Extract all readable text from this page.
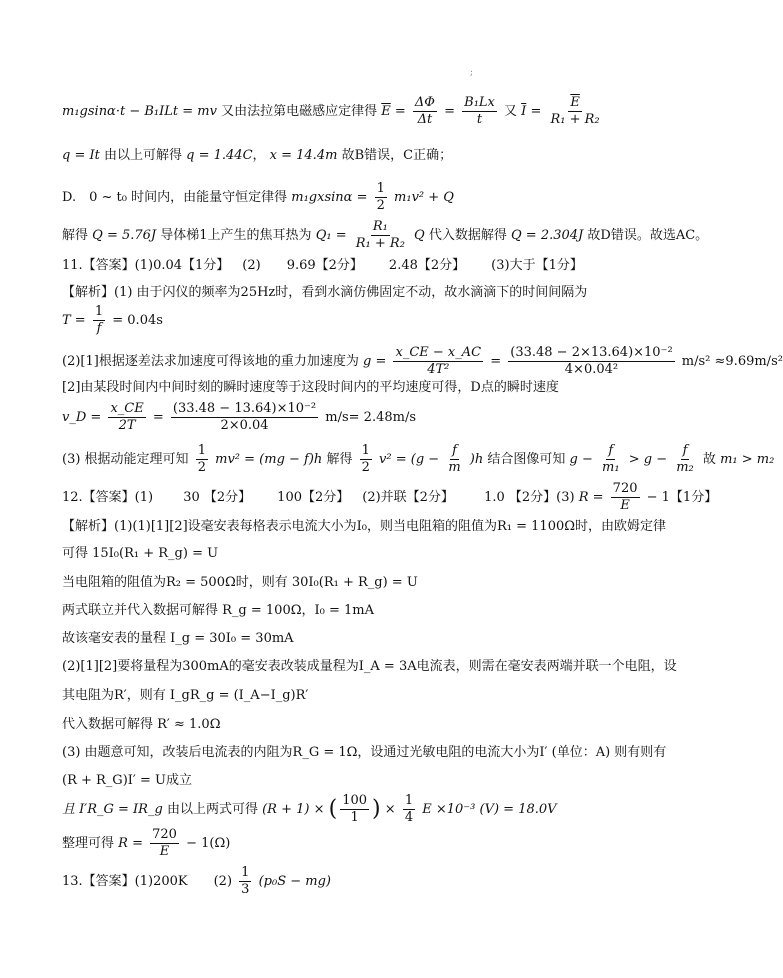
;
m₁gsinα·t − B₁ILt = mv 又由法拉第电磁感应定律得 $\overline{E} = \frac{\Delta\Phi}{\Delta t} = \frac{\text{B₁Lx}}{t}$ 又 $\overline{I} = \frac{\overline{E}}{\text{R₁ + R₂}}$
q = It 由以上可解得 q = 1.44C， x = 14.4m 故B错误，C正确；
D. 0 ~ t₀ 时间内，由能量守恒定律得 $m_1gxsin\alpha = \frac{1}{2} m_1v^2 + Q$
解得 Q = 5.76J 导体梯1上产生的焦耳热为 $Q_1 = \frac{\text{R₁}}{\text{R₁ + R₂}}$ Q 代入数据解得 Q = 2.304J 故D错误。故选AC。
11.【答案】(1)0.04【1分】 (2)  9.69【2分】  2.48【2分】  (3)大于【1分】
【解析】(1) 由于闪仪的频率为25Hz时，看到水滴仿佛固定不动，故水滴滴下的时间间隔为
$T = \frac{1}{f} = 0.04s$
(2)[1]根据逐差法求加速度可得该地的重力加速度为 $g = \frac{x\_CE - x\_AC}{\text{4T²}} = \frac{\text{(33.48 − 2×13.64)×10⁻²}}{\text{4×0.04²}} m/s^2 \approx 9.69m/s^2$
[2]由某段时间内中间时刻的瞬时速度等于这段时间内的平均速度可得，D点的瞬时速度
v_D = $\frac{x\_CE}{2T} = \frac{\text{(33.48 − 13.64)×10⁻²}}{2\times 0.04} m/s= 2.48m/s$
(3) 根据动能定理可知 $\frac{1}{2} mv^2 = (mg - f)h$ 解得 $\frac{1}{2} v^2 = (g - \frac{f}{m} )h$ 结合图像可知 $g - \frac{f}{\text{m₁}} > g - \frac{f}{\text{m₂}}$ 故 m₁ > m₂
12.【答案】(1)   30 【2分】  100【2分】 (2)并联【2分】   1.0 【2分】(3) $R = \frac{720}{E} - 1$【1分】
【解析】(1)(1)[1][2]设毫安表每格表示电流大小为I₀，则当电阻箱的阻值为R₁ = 1100Ω时，由欧姆定律
可得 15I₀(R₁ + R_g) = U
当电阻箱的阻值为R₂ = 500Ω时，则有 30I₀(R₁ + R_g) = U
两式联立并代入数据可解得 R_g = 100Ω，I₀ = 1mA
故该毫安表的量程 I_g = 30I₀ = 30mA
(2)[1][2]要将量程为300mA的毫安表改装成量程为I_A = 3A电流表，则需在毫安表两端并联一个电阻，设
其电阻为R′，则有 I_gR_g = (I_A−I_g)R′
代入数据可解得 R′ ≈ 1.0Ω
(3) 由题意可知，改装后电流表的内阻为R_G = 1Ω，设通过光敏电阻的电流大小为I′ (单位：A) 则有则有
(R + R_G)I′ = U成立
且 I′R_G = IR_g 由以上两式可得 (R + 1) × ( $\frac{100}{1}$ ) × $\frac{1}{4}$ E ×10⁻³ (V) = 18.0V
整理可得 $R = \frac{720}{E} - 1(\Omega)$
13.【答案】(1)200K  $(2) \frac{1}{3} (p_0S - mg)$
